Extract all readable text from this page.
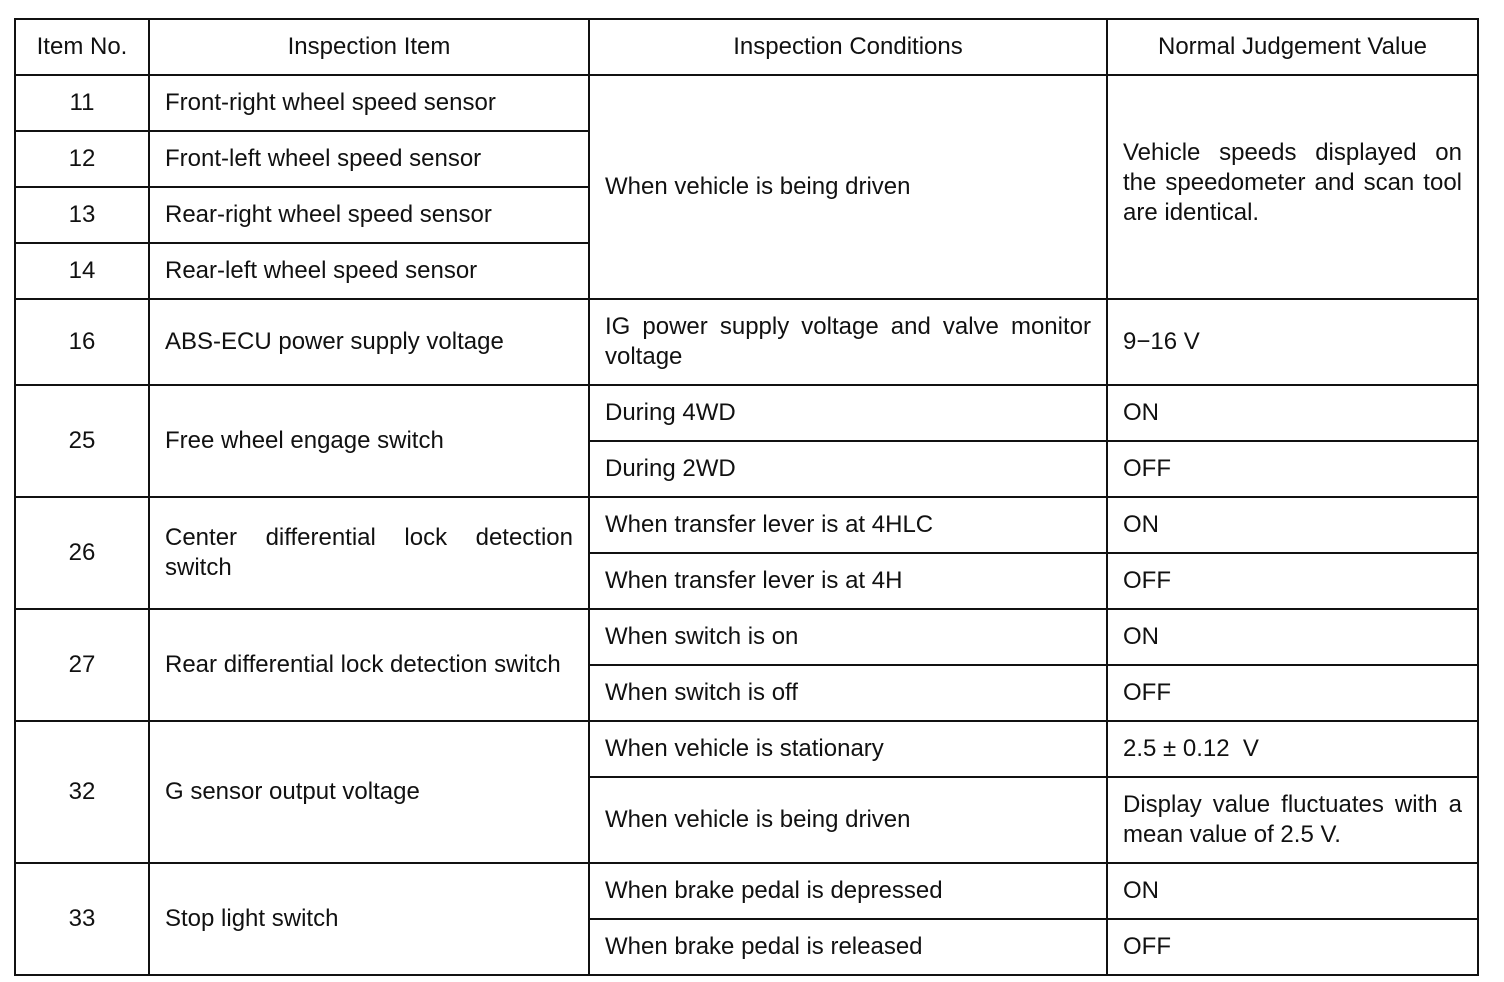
Item No.	Inspection Item	Inspection Conditions	Normal Judgement Value
11	Front-right wheel speed sensor	When vehicle is being driven	Vehicle speeds displayed on the speedometer and scan tool are identical.
12	Front-left wheel speed sensor		
13	Rear-right wheel speed sensor		
14	Rear-left wheel speed sensor		
16	ABS-ECU power supply voltage	IG power supply voltage and valve monitor voltage	9−16 V
25	Free wheel engage switch	During 4WD	ON
		During 2WD	OFF
26	Center differential lock detection switch	When transfer lever is at 4HLC	ON
		When transfer lever is at 4H	OFF
27	Rear differential lock detection switch	When switch is on	ON
		When switch is off	OFF
32	G sensor output voltage	When vehicle is stationary	2.5 ± 0.12  V
		When vehicle is being driven	Display value fluctuates with a mean value of 2.5 V.
33	Stop light switch	When brake pedal is depressed	ON
		When brake pedal is released	OFF
